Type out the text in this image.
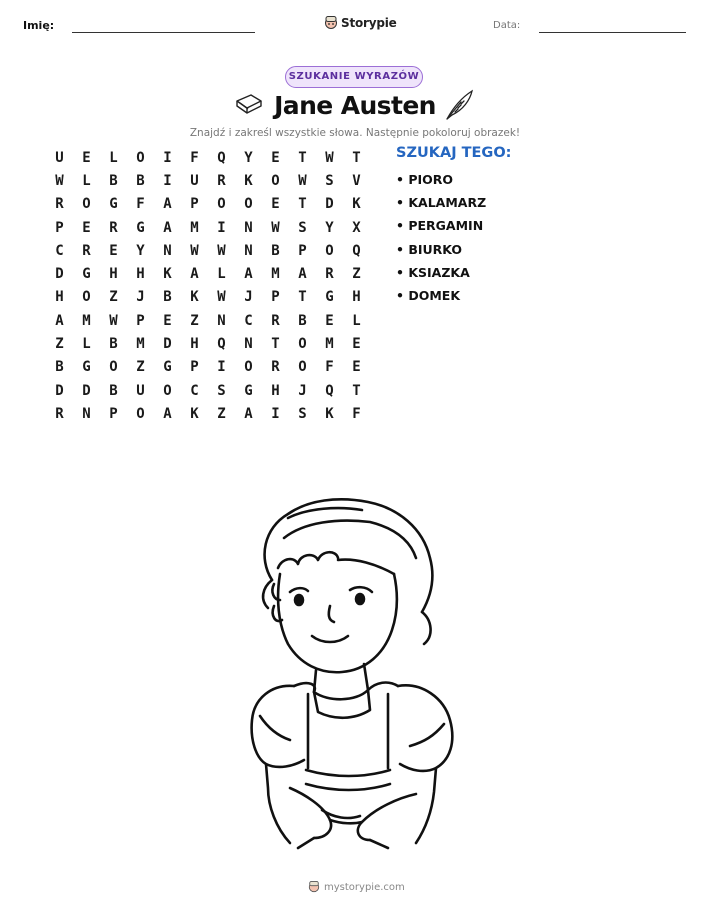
Imię:	Storypie	Data:
SZUKANIE WYRAZÓW
Jane Austen
Znajdź i zakreśl wszystkie słowa. Następnie pokoloruj obrazek!
U	E	L	O	I	F	Q	Y	E	T	W	T
W	L	B	B	I	U	R	K	O	W	S	V
R	O	G	F	A	P	O	O	E	T	D	K
P	E	R	G	A	M	I	N	W	S	Y	X
C	R	E	Y	N	W	W	N	B	P	O	Q
D	G	H	H	K	A	L	A	M	A	R	Z
H	O	Z	J	B	K	W	J	P	T	G	H
A	M	W	P	E	Z	N	C	R	B	E	L
Z	L	B	M	D	H	Q	N	T	O	M	E
B	G	O	Z	G	P	I	O	R	O	F	E
D	D	B	U	O	C	S	G	H	J	Q	T
R	N	P	O	A	K	Z	A	I	S	K	F
SZUKAJ TEGO:
• PIORO
• KALAMARZ
• PERGAMIN
• BIURKO
• KSIAZKA
• DOMEK
mystorypie.com
